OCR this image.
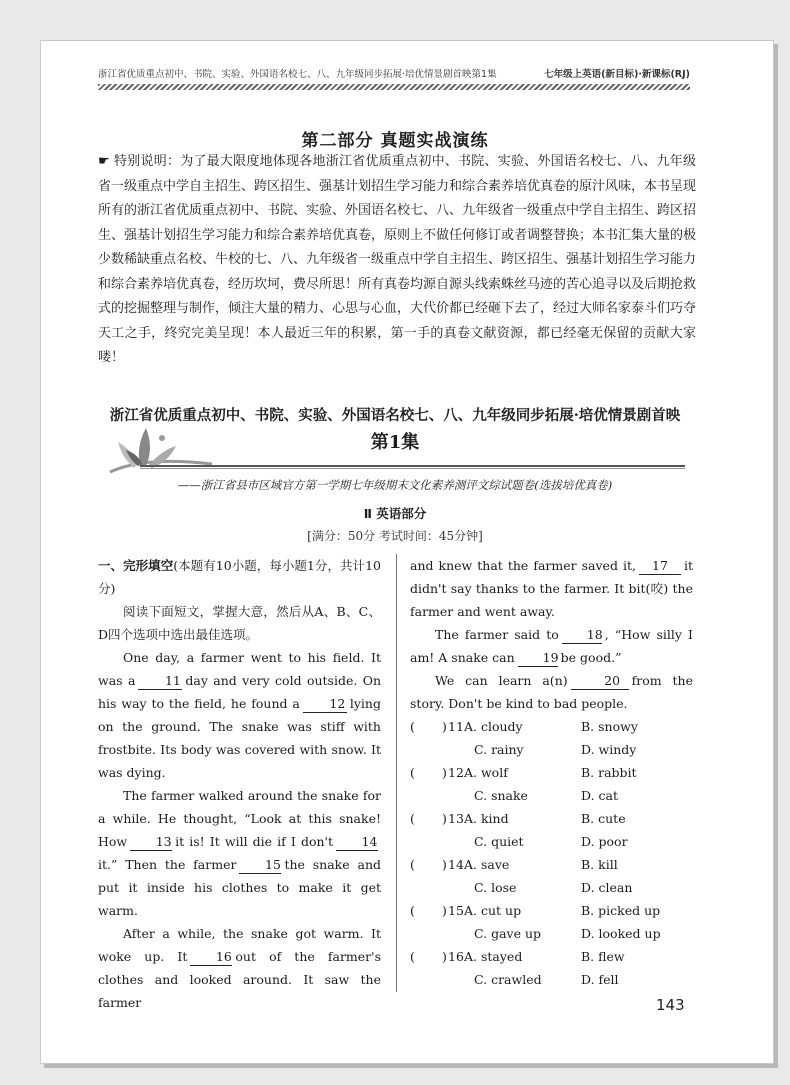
浙江省优质重点初中、书院、实验、外国语名校七、八、九年级同步拓展·培优情景剧首映第1集	七年级上英语(新目标)·新课标(RJ)
第二部分 真题实战演练
☛ 特别说明：为了最大限度地体现各地浙江省优质重点初中、书院、实验、外国语名校七、八、九年级省一级重点中学自主招生、跨区招生、强基计划招生学习能力和综合素养培优真卷的原汁风味，本书呈现所有的浙江省优质重点初中、书院、实验、外国语名校七、八、九年级省一级重点中学自主招生、跨区招生、强基计划招生学习能力和综合素养培优真卷，原则上不做任何修订或者调整替换；本书汇集大量的极少数稀缺重点名校、牛校的七、八、九年级省一级重点中学自主招生、跨区招生、强基计划招生学习能力和综合素养培优真卷，经历坎坷，费尽所思！所有真卷均源自源头线索蛛丝马迹的苦心追寻以及后期抢救式的挖掘整理与制作，倾注大量的精力、心思与心血，大代价都已经砸下去了，经过大师名家泰斗们巧夺天工之手，终究完美呈现！本人最近三年的积累，第一手的真卷文献资源，都已经毫无保留的贡献大家喽！
浙江省优质重点初中、书院、实验、外国语名校七、八、九年级同步拓展·培优情景剧首映
第1集
——浙江省县市区域官方第一学期七年级期末文化素养测评文综试题卷(选拔培优真卷)
Ⅱ 英语部分
[满分：50分 考试时间：45分钟]

一、完形填空(本题有10小题，每小题1分，共计10分)

阅读下面短文，掌握大意，然后从A、B、C、D四个选项中选出最佳选项。

One day, a farmer went to his field. It was a 11 day and very cold outside. On his way to the field, he found a 12 lying on the ground. The snake was stiff with frostbite. Its body was covered with snow. It was dying.

The farmer walked around the snake for a while. He thought, “Look at this snake! How 13 it is! It will die if I don't 14it.” Then the farmer 15 the snake and put it inside his clothes to make it get warm.

After a while, the snake got warm. It woke up. It 16 out of the farmer's clothes and looked around. It saw the farmer

and knew that the farmer saved it, 17 it didn't say thanks to the farmer. It bit(咬) the farmer and went away.

The farmer said to 18 , “How silly I am! A snake can 19 be good.”

We can learn a(n)	20 from the story. Don't be kind to bad people.

( ) 11 A. cloudy	B. snowy
C. rainy	D. windy
( ) 12 A. wolf	B. rabbit
C. snake	D. cat
( ) 13 A. kind	B. cute
C. quiet	D. poor
( ) 14 A. save	B. kill
C. lose	D. clean
( ) 15 A. cut up	B. picked up
C. gave up	D. looked up
( ) 16 A. stayed	B. flew
C. crawled	D. fell
143
